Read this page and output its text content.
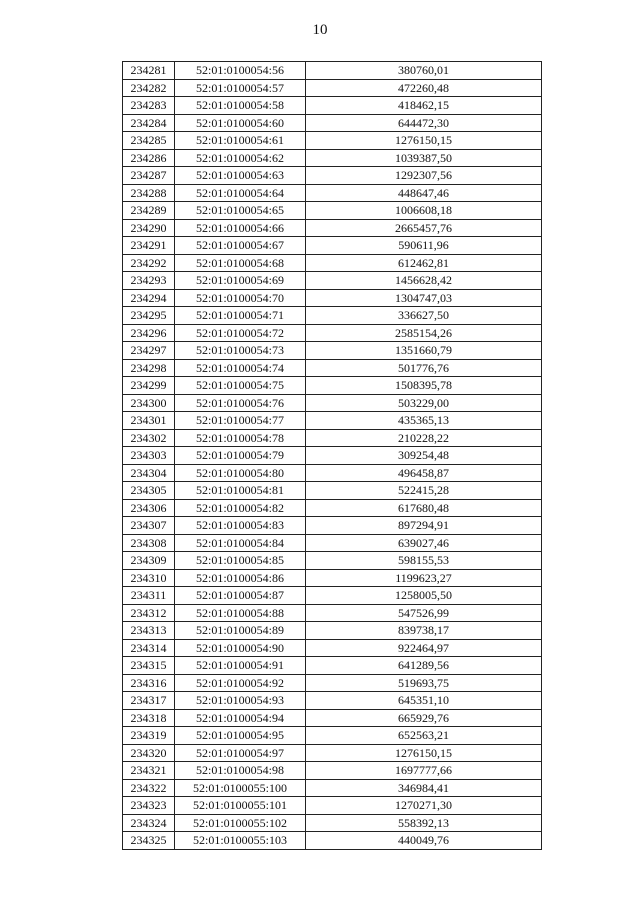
10
234281	52:01:0100054:56	380760,01
234282	52:01:0100054:57	472260,48
234283	52:01:0100054:58	418462,15
234284	52:01:0100054:60	644472,30
234285	52:01:0100054:61	1276150,15
234286	52:01:0100054:62	1039387,50
234287	52:01:0100054:63	1292307,56
234288	52:01:0100054:64	448647,46
234289	52:01:0100054:65	1006608,18
234290	52:01:0100054:66	2665457,76
234291	52:01:0100054:67	590611,96
234292	52:01:0100054:68	612462,81
234293	52:01:0100054:69	1456628,42
234294	52:01:0100054:70	1304747,03
234295	52:01:0100054:71	336627,50
234296	52:01:0100054:72	2585154,26
234297	52:01:0100054:73	1351660,79
234298	52:01:0100054:74	501776,76
234299	52:01:0100054:75	1508395,78
234300	52:01:0100054:76	503229,00
234301	52:01:0100054:77	435365,13
234302	52:01:0100054:78	210228,22
234303	52:01:0100054:79	309254,48
234304	52:01:0100054:80	496458,87
234305	52:01:0100054:81	522415,28
234306	52:01:0100054:82	617680,48
234307	52:01:0100054:83	897294,91
234308	52:01:0100054:84	639027,46
234309	52:01:0100054:85	598155,53
234310	52:01:0100054:86	1199623,27
234311	52:01:0100054:87	1258005,50
234312	52:01:0100054:88	547526,99
234313	52:01:0100054:89	839738,17
234314	52:01:0100054:90	922464,97
234315	52:01:0100054:91	641289,56
234316	52:01:0100054:92	519693,75
234317	52:01:0100054:93	645351,10
234318	52:01:0100054:94	665929,76
234319	52:01:0100054:95	652563,21
234320	52:01:0100054:97	1276150,15
234321	52:01:0100054:98	1697777,66
234322	52:01:0100055:100	346984,41
234323	52:01:0100055:101	1270271,30
234324	52:01:0100055:102	558392,13
234325	52:01:0100055:103	440049,76
